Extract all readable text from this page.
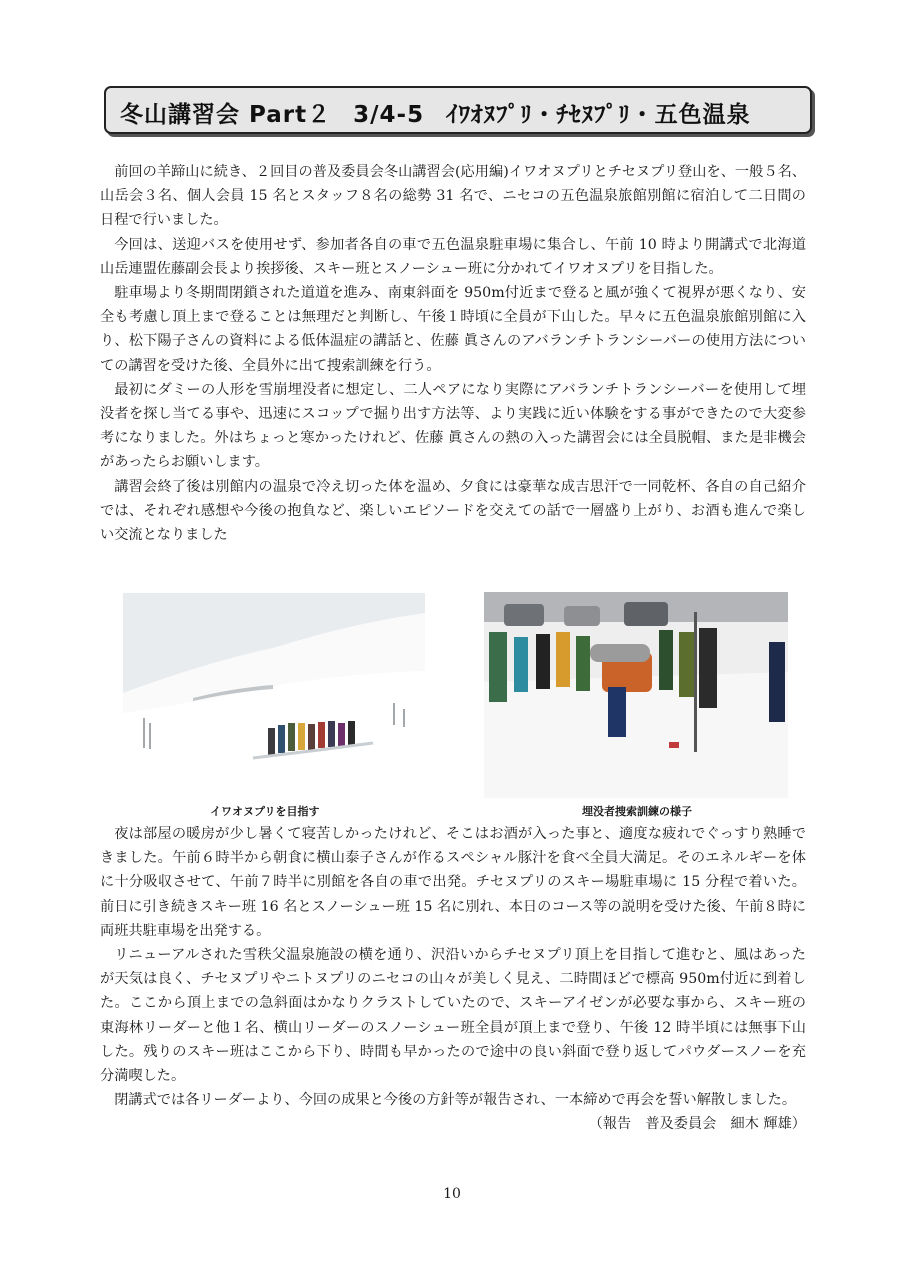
冬山講習会 Part２ 3/4-5 ｲﾜｵﾇﾌﾟﾘ・ﾁｾﾇﾌﾟﾘ・五色温泉

前回の羊蹄山に続き、２回目の普及委員会冬山講習会(応用編)イワオヌプリとチセヌプリ登山を、一般５名、山岳会３名、個人会員 15 名とスタッフ８名の総勢 31 名で、ニセコの五色温泉旅館別館に宿泊して二日間の日程で行いました。

今回は、送迎バスを使用せず、参加者各自の車で五色温泉駐車場に集合し、午前 10 時より開講式で北海道山岳連盟佐藤副会長より挨拶後、スキー班とスノーシュー班に分かれてイワオヌプリを目指した。

駐車場より冬期間閉鎖された道道を進み、南東斜面を 950m付近まで登ると風が強くて視界が悪くなり、安全も考慮し頂上まで登ることは無理だと判断し、午後１時頃に全員が下山した。早々に五色温泉旅館別館に入り、松下陽子さんの資料による低体温症の講話と、佐藤 眞さんのアバランチトランシーバーの使用方法についての講習を受けた後、全員外に出て捜索訓練を行う。

最初にダミーの人形を雪崩埋没者に想定し、二人ペアになり実際にアバランチトランシーバーを使用して埋没者を探し当てる事や、迅速にスコップで掘り出す方法等、より実践に近い体験をする事ができたので大変参考になりました。外はちょっと寒かったけれど、佐藤 眞さんの熱の入った講習会には全員脱帽、また是非機会があったらお願いします。

講習会終了後は別館内の温泉で冷え切った体を温め、夕食には豪華な成吉思汗で一同乾杯、各自の自己紹介では、それぞれ感想や今後の抱負など、楽しいエピソードを交えての話で一層盛り上がり、お酒も進んで楽しい交流となりました

イワオヌプリを目指す	埋没者捜索訓練の様子

夜は部屋の暖房が少し暑くて寝苦しかったけれど、そこはお酒が入った事と、適度な疲れでぐっすり熟睡できました。午前６時半から朝食に横山泰子さんが作るスペシャル豚汁を食べ全員大満足。そのエネルギーを体に十分吸収させて、午前７時半に別館を各自の車で出発。チセヌプリのスキー場駐車場に 15 分程で着いた。前日に引き続きスキー班 16 名とスノーシュー班 15 名に別れ、本日のコース等の説明を受けた後、午前８時に両班共駐車場を出発する。

リニューアルされた雪秩父温泉施設の横を通り、沢沿いからチセヌプリ頂上を目指して進むと、風はあったが天気は良く、チセヌプリやニトヌプリのニセコの山々が美しく見え、二時間ほどで標高 950m付近に到着した。ここから頂上までの急斜面はかなりクラストしていたので、スキーアイゼンが必要な事から、スキー班の東海林リーダーと他１名、横山リーダーのスノーシュー班全員が頂上まで登り、午後 12 時半頃には無事下山した。残りのスキー班はここから下り、時間も早かったので途中の良い斜面で登り返してパウダースノーを充分満喫した。

閉講式では各リーダーより、今回の成果と今後の方針等が報告され、一本締めで再会を誓い解散しました。
（報告　普及委員会　細木 輝雄）

10
